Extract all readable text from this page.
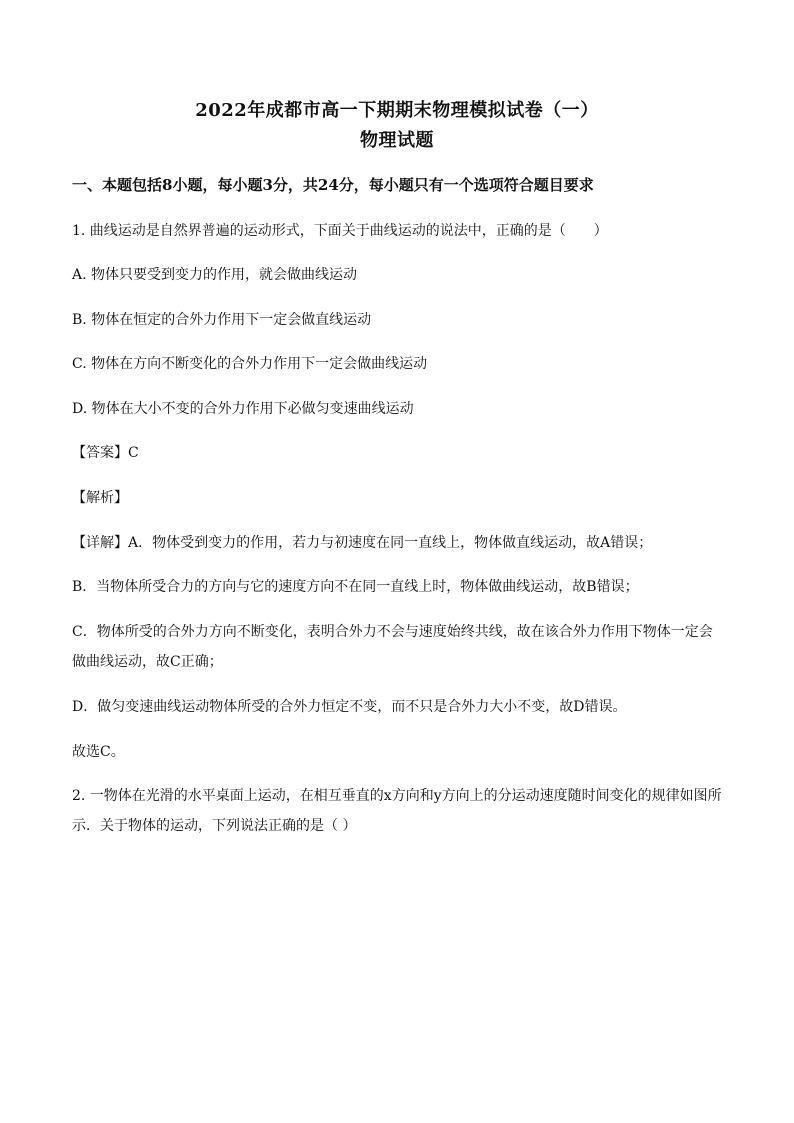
2022年成都市高一下期期末物理模拟试卷（一）
物理试题
一、本题包括8小题，每小题3分，共24分，每小题只有一个选项符合题目要求
1. 曲线运动是自然界普遍的运动形式，下面关于曲线运动的说法中，正确的是（　　）
A. 物体只要受到变力的作用，就会做曲线运动
B. 物体在恒定的合外力作用下一定会做直线运动
C. 物体在方向不断变化的合外力作用下一定会做曲线运动
D. 物体在大小不变的合外力作用下必做匀变速曲线运动
【答案】C
【解析】
【详解】A．物体受到变力的作用，若力与初速度在同一直线上，物体做直线运动，故A错误；
B．当物体所受合力的方向与它的速度方向不在同一直线上时，物体做曲线运动，故B错误；
C．物体所受的合外力方向不断变化，表明合外力不会与速度始终共线，故在该合外力作用下物体一定会做曲线运动，故C正确；
D．做匀变速曲线运动物体所受的合外力恒定不变，而不只是合外力大小不变，故D错误。
故选C。
2. 一物体在光滑的水平桌面上运动，在相互垂直的x方向和y方向上的分运动速度随时间变化的规律如图所示．关于物体的运动，下列说法正确的是（ ）
